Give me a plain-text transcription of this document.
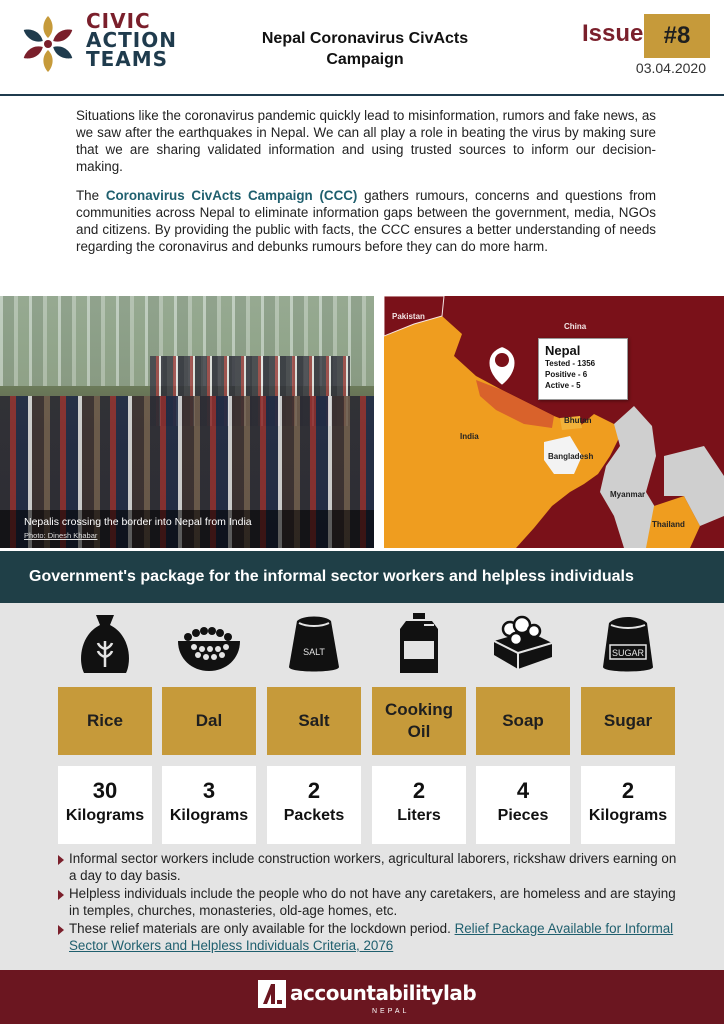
CIVIC
ACTION
TEAMS
Nepal Coronavirus CivActs
Campaign
Issue #8
03.04.2020

Situations like the coronavirus pandemic quickly lead to misinformation, rumors and fake news, as we saw after the earthquakes in Nepal. We can all play a role in beating the virus by making sure that we are sharing validated information and using trusted sources to inform our decision-making.

The Coronavirus CivActs Campaign (CCC) gathers rumours, concerns and questions from communities across Nepal to eliminate information gaps between the government, media, NGOs and citizens. By providing the public with facts, the CCC ensures a better understanding of needs regarding the coronavirus and debunks rumours before they can do more harm.

Nepalis crossing the border into Nepal from India
Photo: Dinesh Khabar
Pakistan
China
India
Bhutan
Bangladesh
Myanmar
Thailand
Nepal
Tested - 1356
Positive - 6
Active - 5
Government's package for the informal sector workers and helpless individuals
Rice
30
Kilograms
Dal
3
Kilograms
SALT
Salt
2
Packets
Cooking Oil
2
Liters
Soap
4
Pieces
SUGAR
Sugar
2
Kilograms
Informal sector workers include construction workers, agricultural laborers, rickshaw drivers earning on a day to day basis.
Helpless individuals include the people who do not have any caretakers, are homeless and are staying in temples, churches, monasteries, old-age homes, etc.
These relief materials are only available for the lockdown period. Relief Package Available for Informal Sector Workers and Helpless Individuals Criteria, 2076
accountabilitylab
NEPAL
